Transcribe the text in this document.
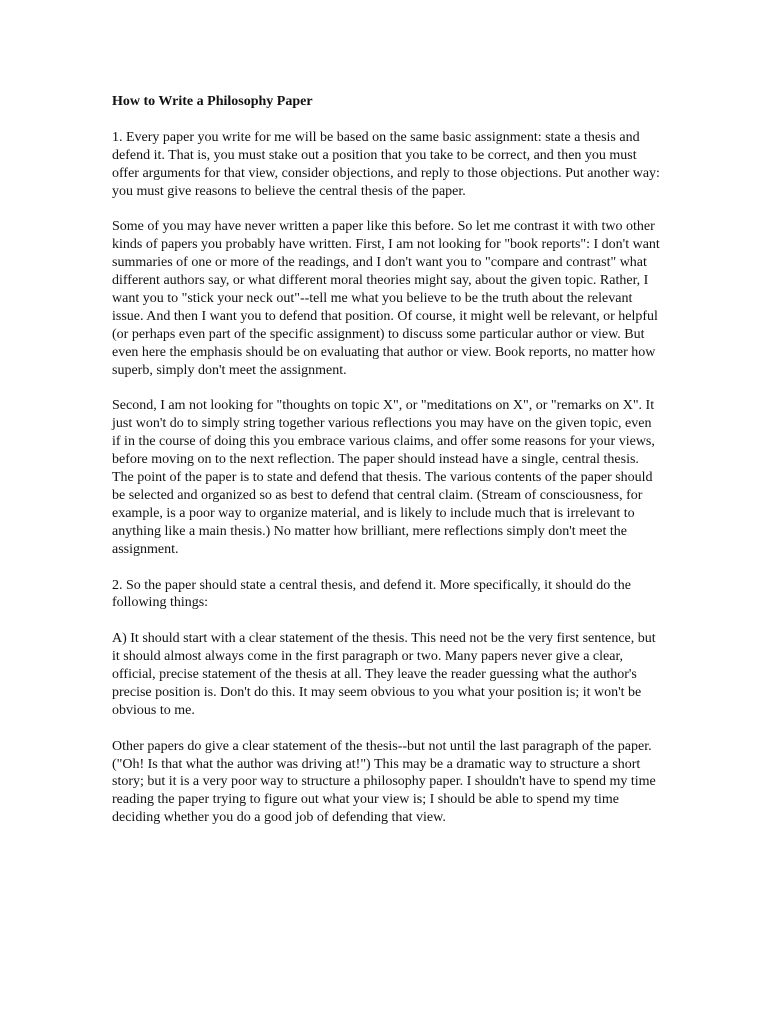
How to Write a Philosophy Paper

1. Every paper you write for me will be based on the same basic assignment: state a thesis and defend it. That is, you must stake out a position that you take to be correct, and then you must offer arguments for that view, consider objections, and reply to those objections. Put another way: you must give reasons to believe the central thesis of the paper.

Some of you may have never written a paper like this before. So let me contrast it with two other kinds of papers you probably have written. First, I am not looking for "book reports": I don't want summaries of one or more of the readings, and I don't want you to "compare and contrast" what different authors say, or what different moral theories might say, about the given topic. Rather, I want you to "stick your neck out"--tell me what you believe to be the truth about the relevant issue. And then I want you to defend that position. Of course, it might well be relevant, or helpful (or perhaps even part of the specific assignment) to discuss some particular author or view. But even here the emphasis should be on evaluating that author or view. Book reports, no matter how superb, simply don't meet the assignment.

Second, I am not looking for "thoughts on topic X", or "meditations on X", or "remarks on X". It just won't do to simply string together various reflections you may have on the given topic, even if in the course of doing this you embrace various claims, and offer some reasons for your views, before moving on to the next reflection. The paper should instead have a single, central thesis. The point of the paper is to state and defend that thesis. The various contents of the paper should be selected and organized so as best to defend that central claim. (Stream of consciousness, for example, is a poor way to organize material, and is likely to include much that is irrelevant to anything like a main thesis.) No matter how brilliant, mere reflections simply don't meet the assignment.

2. So the paper should state a central thesis, and defend it. More specifically, it should do the following things:

A) It should start with a clear statement of the thesis. This need not be the very first sentence, but it should almost always come in the first paragraph or two. Many papers never give a clear, official, precise statement of the thesis at all. They leave the reader guessing what the author's precise position is. Don't do this. It may seem obvious to you what your position is; it won't be obvious to me.

Other papers do give a clear statement of the thesis--but not until the last paragraph of the paper. ("Oh! Is that what the author was driving at!") This may be a dramatic way to structure a short story; but it is a very poor way to structure a philosophy paper. I shouldn't have to spend my time reading the paper trying to figure out what your view is; I should be able to spend my time deciding whether you do a good job of defending that view.
